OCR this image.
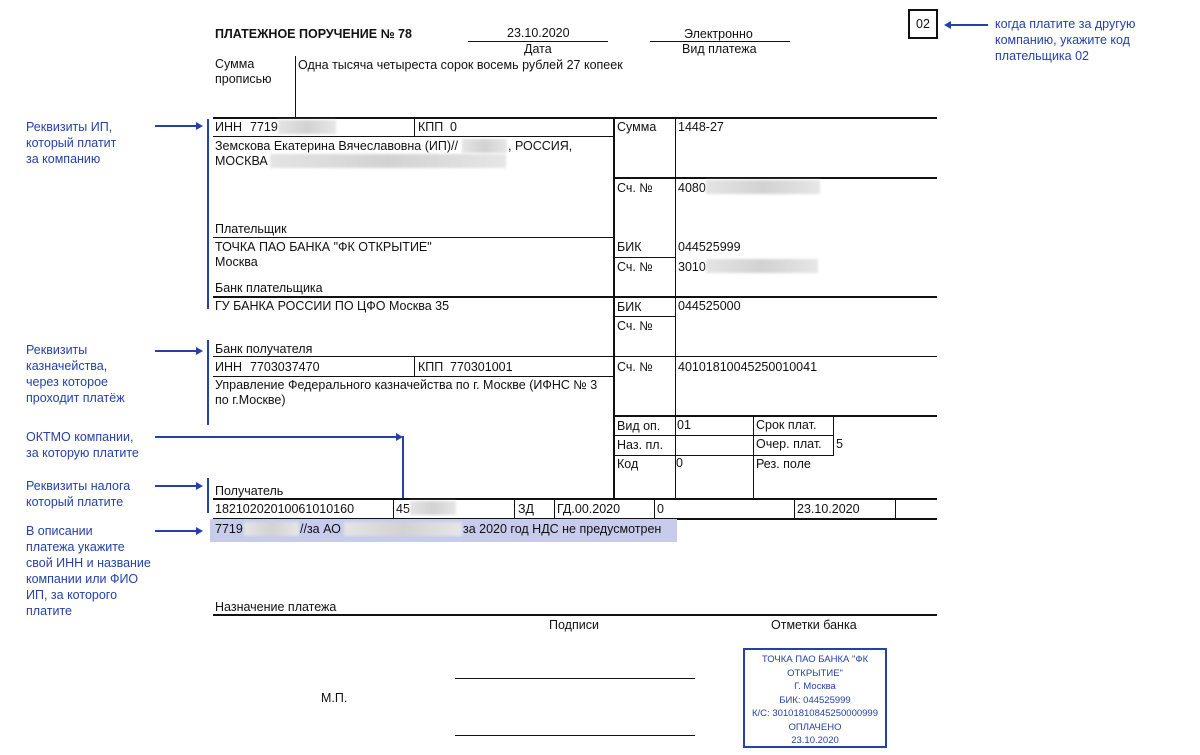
ПЛАТЕЖНОЕ ПОРУЧЕНИЕ № 78	23.10.2020
Дата
Электронно
Вид платежа
02
Сумма
прописью
Одна тысяча четыреста сорок восемь рублей 27 копеек
ИНН 7719	КПП 0
Земскова Екатерина Вячеславовна (ИП)//	, РОССИЯ,
МОСКВА
Плательщик
Сумма 1448-27
Сч. № 4080
БИК	044525999
Сч. № 3010
БИК	044525000
Сч. №
Сч. № 40101810045250010041
ТОЧКА ПАО БАНКА "ФК ОТКРЫТИЕ"
Москва
Банк плательщика
ГУ БАНКА РОССИИ ПО ЦФО Москва 35
Банк получателя
ИНН 7703037470	КПП 770301001
Управление Федерального казначейства по г. Москве (ИФНС № 3
по г.Москве)
Получатель
Вид оп. 01
Наз. пл.
Код	0
Срок плат.
Очер. плат. 5
Рез. поле
18210202010061010160	45	ЗД ГД.00.2020	0	23.10.2020
7719	//за АО	за 2020 год НДС не предусмотрен
Назначение платежа
Подписи	Отметки банка
М.П.
ТОЧКА ПАО БАНКА "ФК
ОТКРЫТИЕ"
Г. Москва
БИК: 044525999
К/С: 30101810845250000999
ОПЛАЧЕНО
23.10.2020
когда платите за другую
компанию, укажите код
плательщика 02
Реквизиты ИП,
который платит
за компанию
Реквизиты
казначейства,
через которое
проходит платёж
ОКТМО компании,
за которую платите
Реквизиты налога
который платите
В описании
платежа укажите
свой ИНН и название
компании или ФИО
ИП, за которого
платите
